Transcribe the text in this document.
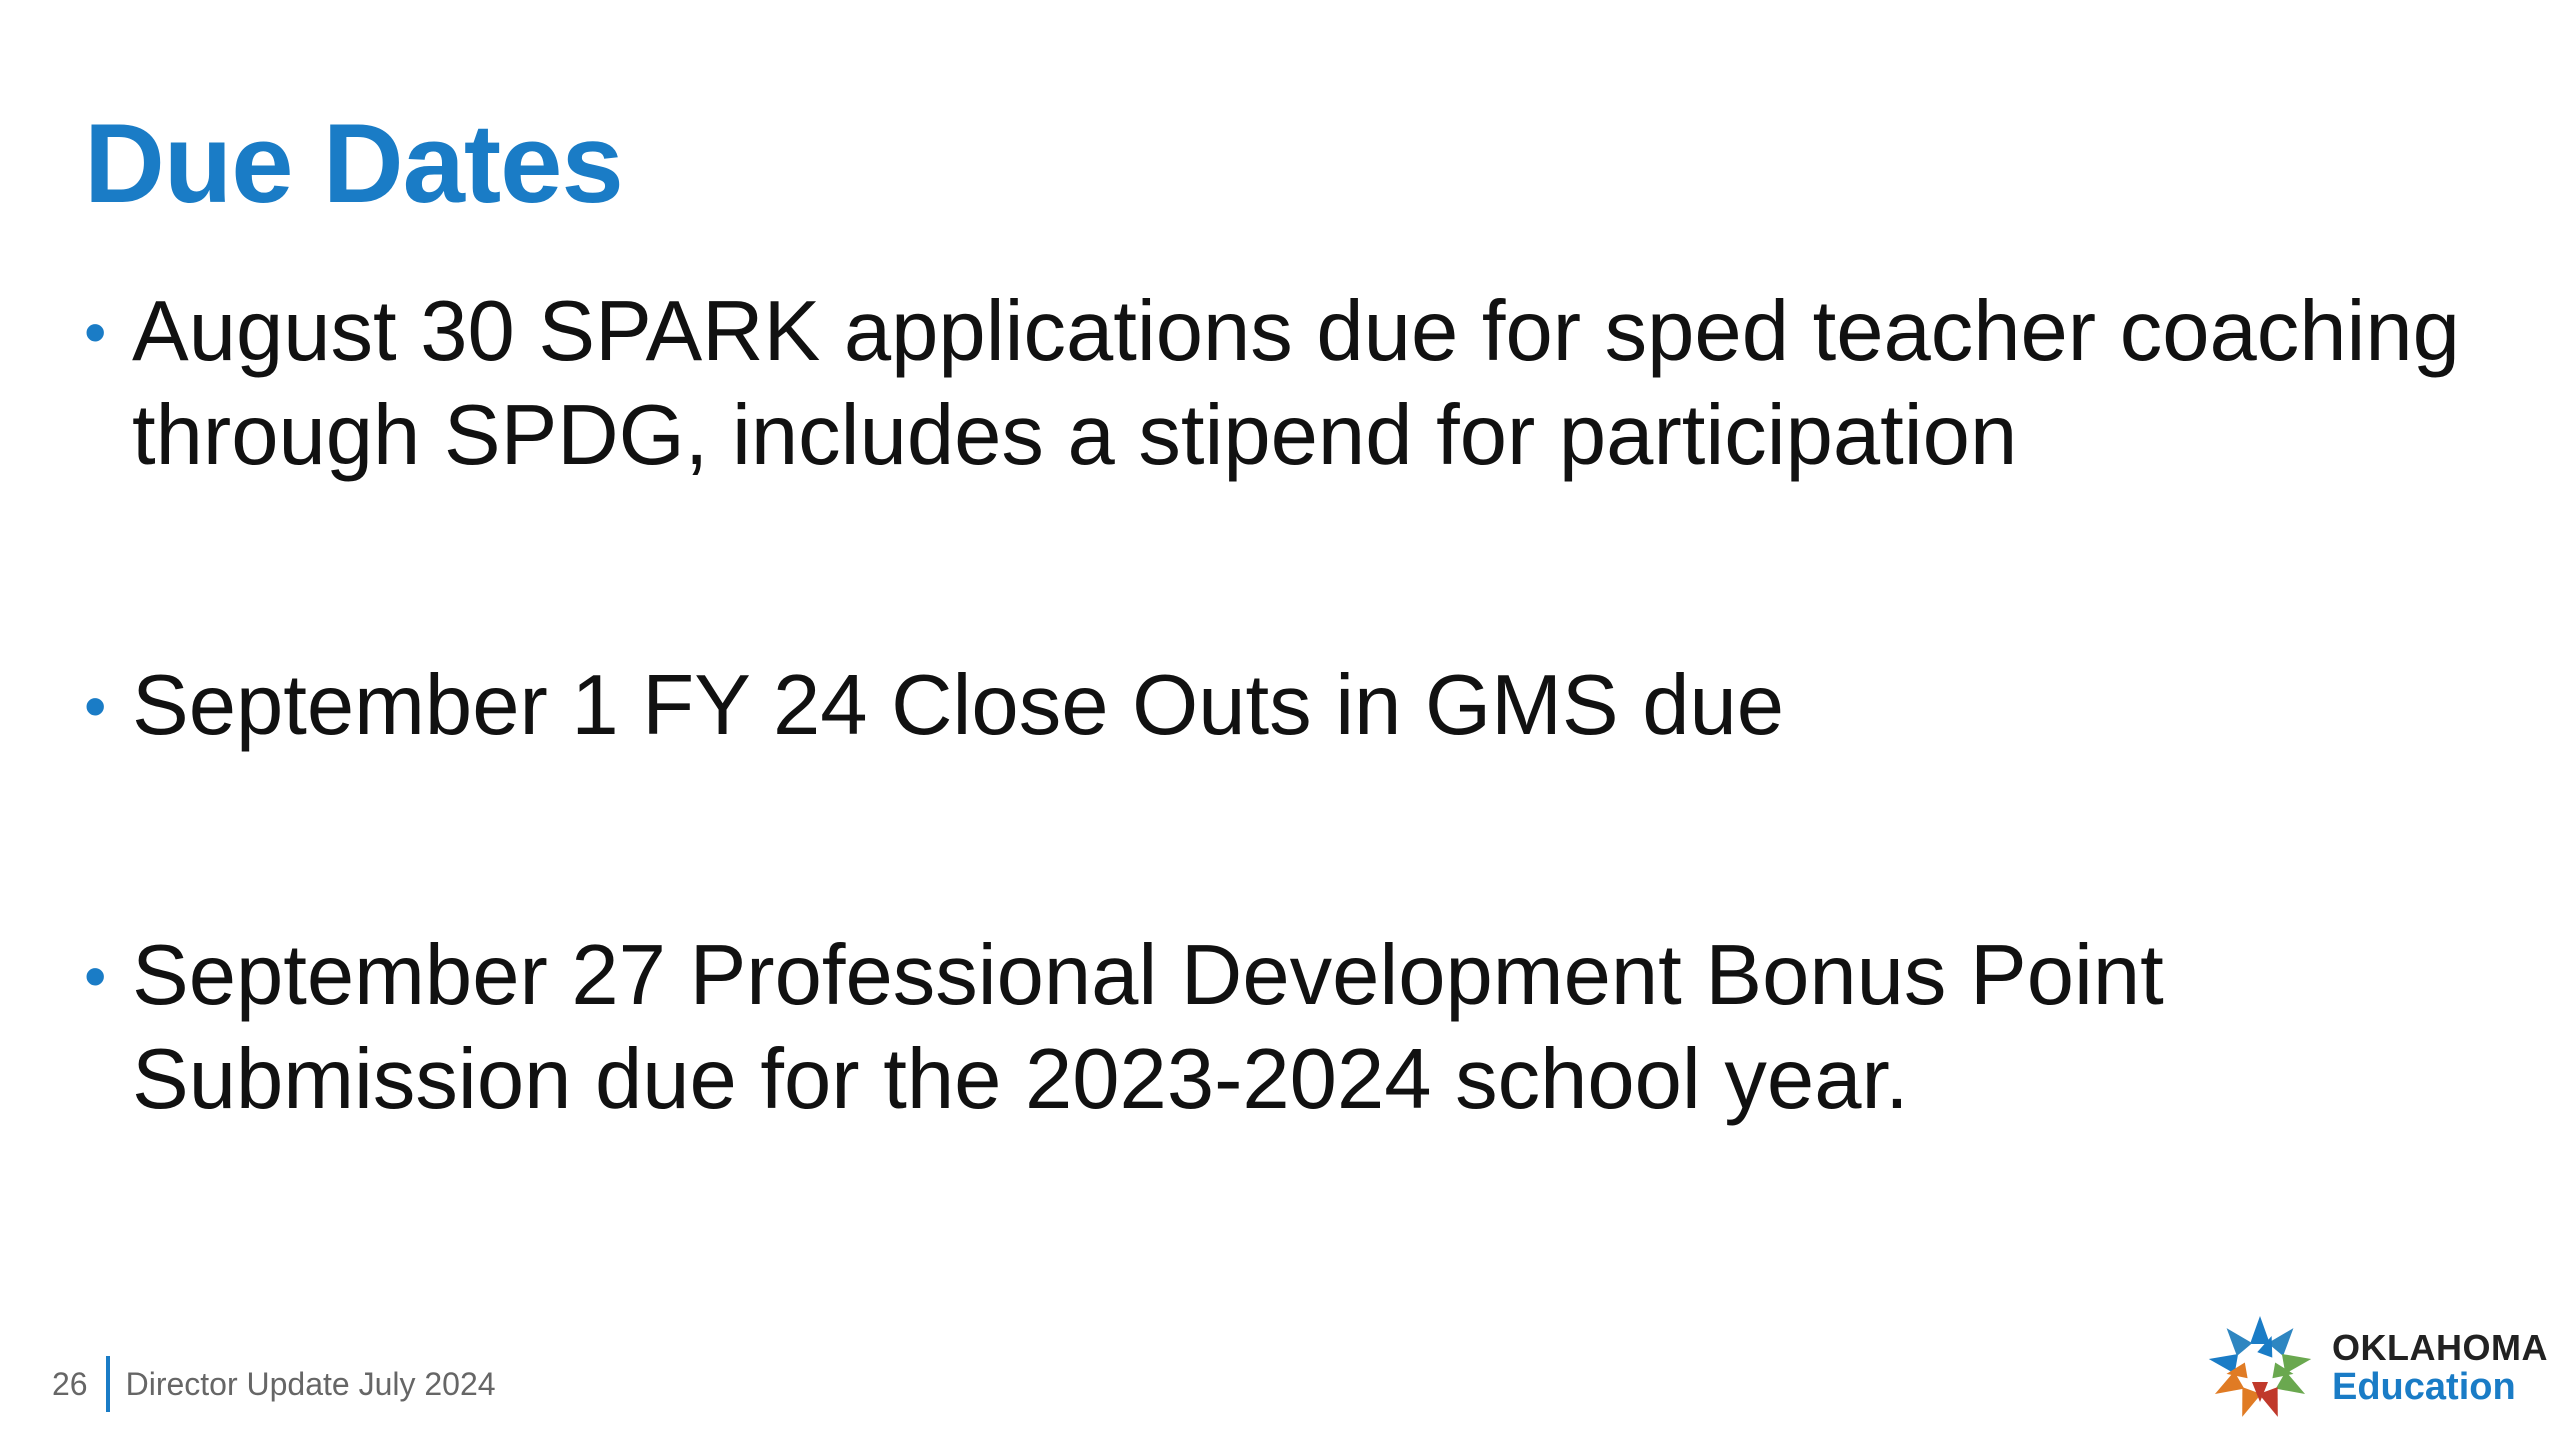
Due Dates
• August 30 SPARK applications due for sped teacher coaching through SPDG, includes a stipend for participation
• September 1 FY 24 Close Outs in GMS due
• September 27 Professional Development Bonus Point Submission due for the 2023-2024 school year.
26 Director Update July 2024
OKLAHOMA
Education
